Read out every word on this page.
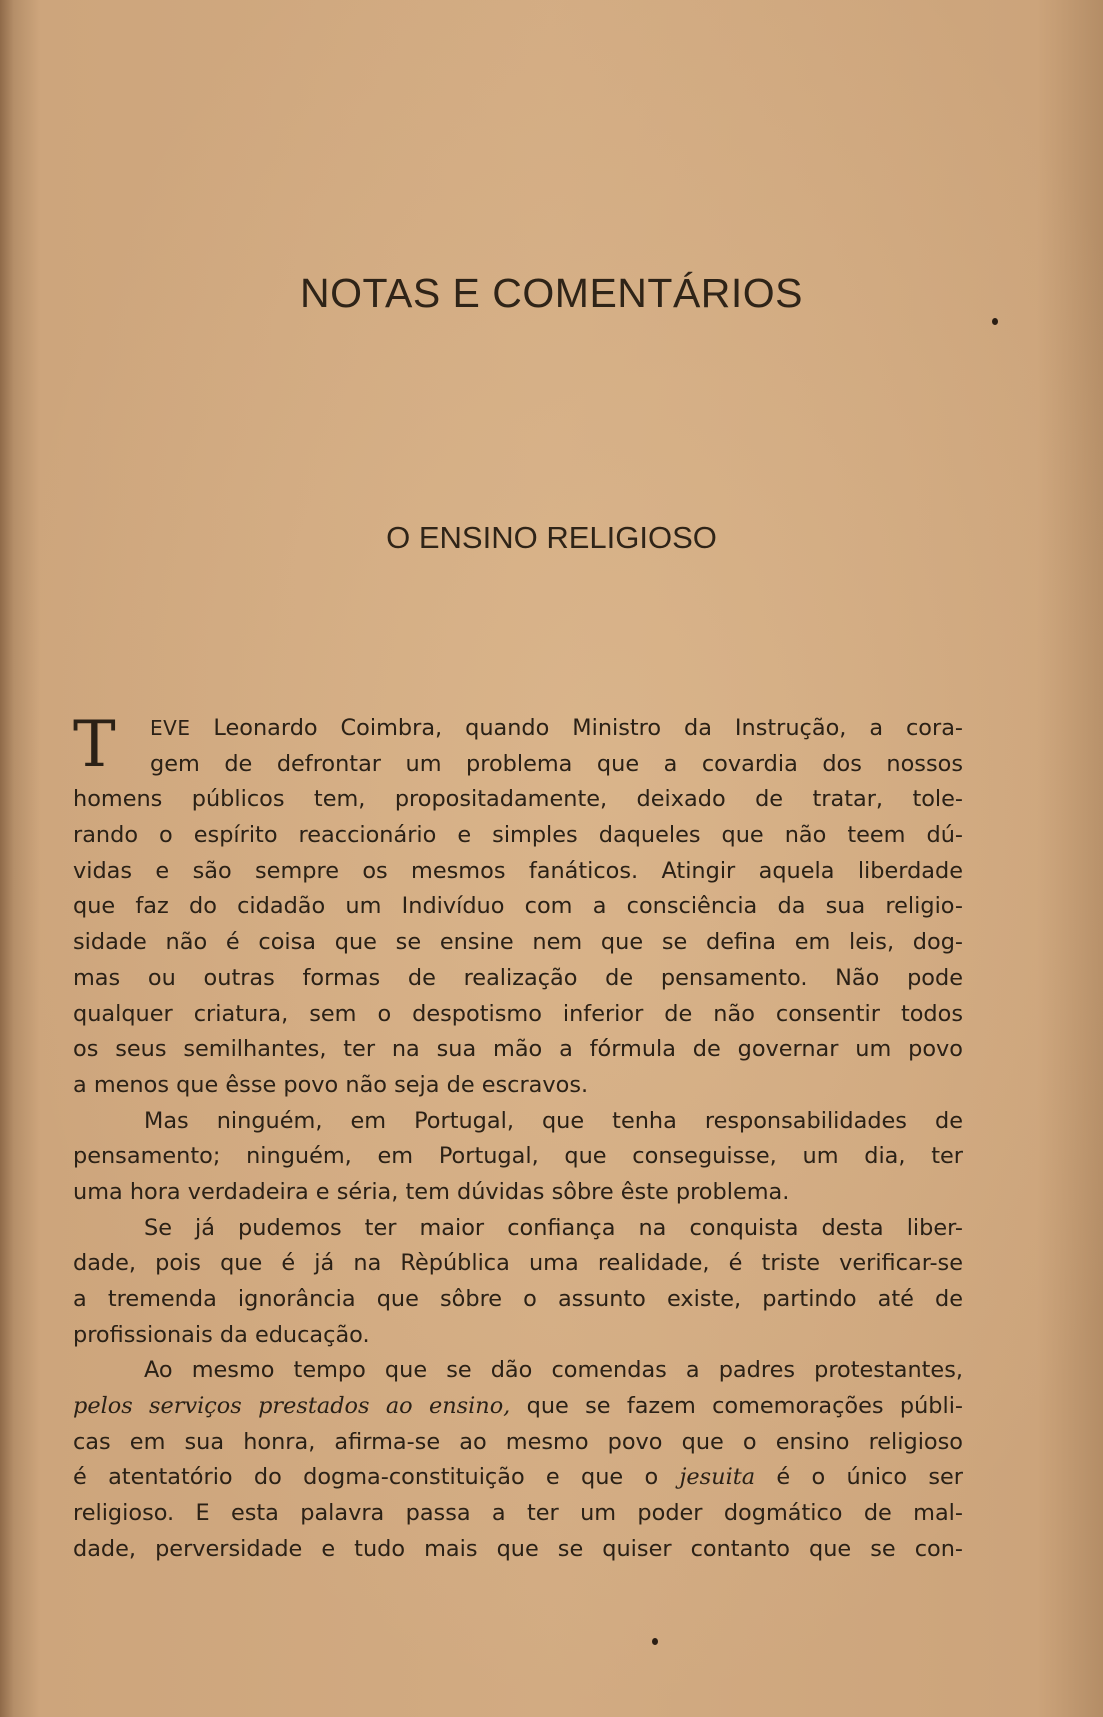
NOTAS E COMENTÁRIOS
O ENSINO RELIGIOSO
T EVE Leonardo Coimbra, quando Ministro da Instrução, a cora-
gem de defrontar um problema que a covardia dos nossos
homens públicos tem, propositadamente, deixado de tratar, tole-
rando o espírito reaccionário e simples daqueles que não teem dú-
vidas e são sempre os mesmos fanáticos. Atingir aquela liberdade
que faz do cidadão um Indivíduo com a consciência da sua religio-
sidade não é coisa que se ensine nem que se defina em leis, dog-
mas ou outras formas de realização de pensamento. Não pode
qualquer criatura, sem o despotismo inferior de não consentir todos
os seus semilhantes, ter na sua mão a fórmula de governar um povo
a menos que êsse povo não seja de escravos.
Mas ninguém, em Portugal, que tenha responsabilidades de
pensamento; ninguém, em Portugal, que conseguisse, um dia, ter
uma hora verdadeira e séria, tem dúvidas sôbre êste problema.
Se já pudemos ter maior confiança na conquista desta liber-
dade, pois que é já na Rèpública uma realidade, é triste verificar-se
a tremenda ignorância que sôbre o assunto existe, partindo até de
profissionais da educação.
Ao mesmo tempo que se dão comendas a padres protestantes,
pelos serviços prestados ao ensino, que se fazem comemorações públi-
cas em sua honra, afirma-se ao mesmo povo que o ensino religioso
é atentatório do dogma-constituição e que o jesuita é o único ser
religioso. E esta palavra passa a ter um poder dogmático de mal-
dade, perversidade e tudo mais que se quiser contanto que se con-
